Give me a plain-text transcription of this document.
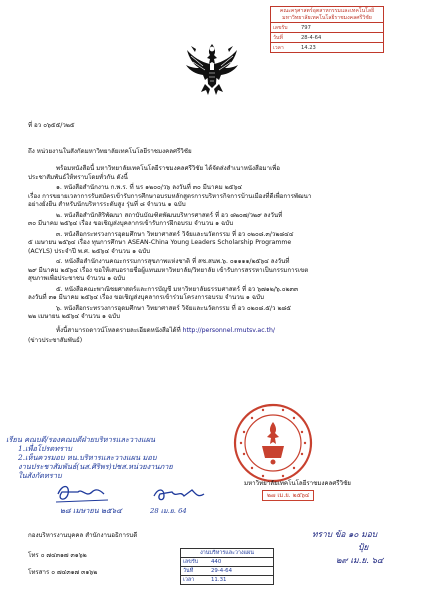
คณะครุศาสตร์อุตสาหกรรมและเทคโนโลยี
มหาวิทยาลัยเทคโนโลยีราชมงคลศรีวิชัย
เลขรับ	797
วันที่	28-4-64
เวลา	14.23
ที่ อว ๐๖๕๕/ว๒๕
ถึง หน่วยงานในสังกัดมหาวิทยาลัยเทคโนโลยีราชมงคลศรีวิชัย
พร้อมหนังสือนี้ มหาวิทยาลัยเทคโนโลยีราชมงคลศรีวิชัย ได้จัดส่งสำเนาหนังสือมาเพื่อ
ประชาสัมพันธ์ให้ทราบโดยทั่วกัน ดังนี้
๑. หนังสือสำนักงาน ก.พ.ร. ที่ นร ๑๒๐๐/ว๖ ลงวันที่ ๓๐ มีนาคม ๒๕๖๔
เรื่อง การขยายเวลาการรับสมัครเข้ารับการศึกษาอบรมหลักสูตรการบริหารกิจการบ้านเมืองที่ดีเพื่อการพัฒนา
อย่างยั่งยืน สำหรับนักบริหารระดับสูง รุ่นที่ ๘ จำนวน ๑ ฉบับ
๒. หนังสือสำนักสิริพัฒนา สถาบันบัณฑิตพัฒนบริหารศาสตร์ ที่ อว ๘๒๐๗/ว๒๙ ลงวันที่
๓๐ มีนาคม ๒๕๖๔ เรื่อง ขอเชิญส่งบุคลากรเข้ารับการฝึกอบรม จำนวน ๑ ฉบับ
๓. หนังสือกระทรวงการอุดมศึกษา วิทยาศาสตร์ วิจัยและนวัตกรรม ที่ อว ๐๒๐๘.๓/ว๒๘๔๔
๕ เมษายน ๒๕๖๔ เรื่อง ทุนการศึกษา ASEAN-China Young Leaders Scholarship Programme
(ACYLS) ประจำปี พ.ศ. ๒๕๖๔ จำนวน ๑ ฉบับ
๔. หนังสือสำนักงานคณะกรรมการสุขภาพแห่งชาติ ที่ สช.สนพ.๖. ๐๑๑๑๑/๒๕๖๔ ลงวันที่
๒๙ มีนาคม ๒๕๖๔ เรื่อง ขอให้เสนอรายชื่อผู้แทนมหาวิทยาลัย/วิทยาลัย เข้ารับการสรรหาเป็นกรรมการเขต
สุขภาพเพื่อประชาชน จำนวน ๑ ฉบับ
๕. หนังสือคณะพาณิชยศาสตร์และการบัญชี มหาวิทยาลัยธรรมศาสตร์ ที่ อว ๖๗๑๒/๖.๐๒๓๓
ลงวันที่ ๓๑ มีนาคม ๒๕๖๔ เรื่อง ขอเชิญส่งบุคลากรเข้าร่วมโครงการอบรม จำนวน ๑ ฉบับ
๖. หนังสือกระทรวงการอุดมศึกษา วิทยาศาสตร์ วิจัยและนวัตกรรม ที่ อว ๐๒๐๘.๕/ว ๒๘๕
๒๒ เมษายน ๒๕๖๔ จำนวน ๑ ฉบับ
ทั้งนี้สามารถดาวน์โหลดรายละเอียดหนังสือได้ที่ http://personnel.rmutsv.ac.th/
(ข่าวประชาสัมพันธ์)
เรียน คณบดี/รองคณบดีฝ่ายบริหารและวางแผน
1.เพื่อโปรดทราบ
2.เห็นควรมอบ หน.บริหารและวางแผน มอบ
งานประชาสัมพันธ์(นส.ศิริพร)ปชส.หน่วยงานภาย
ในสังกัดทราบ
๒๘ เมษายน ๒๕๖๔	28 เม.ย. 64
มหาวิทยาลัยเทคโนโลยีราชมงคลศรีวิชัย
๒๗ เม.ย. ๒๕๖๔
กองบริหารงานบุคคล สำนักงานอธิการบดี
โทร ๐ ๗๔๓๑๗ ๓๑๖๒
โทรสาร ๐ ๗๔๓๑๗ ๓๑๖๒
งานบริหารและวางแผน
เลขรับ	440
วันที่	29-4-64
เวลา	11.31
ทราบ ข้อ ๑๐ มอบ
ปุ้ย
๒๙ เม.ย. ๖๔
